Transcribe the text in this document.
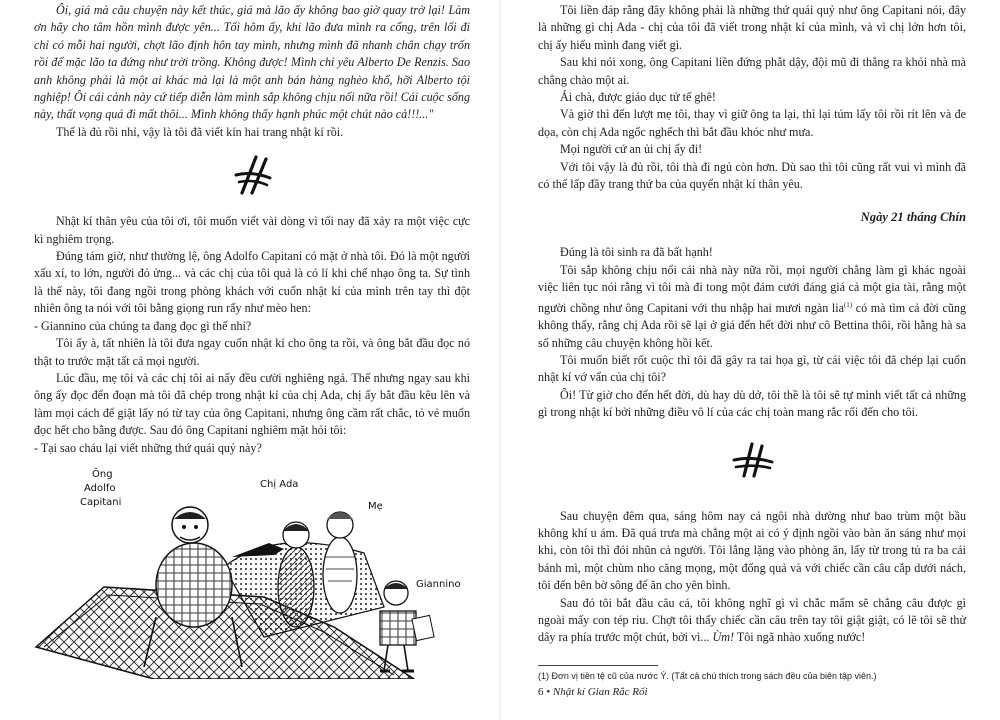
Ôi, giá mà câu chuyện này kết thúc, giá mà lão ấy không bao giờ quay trở lại! Làm ơn hãy cho tâm hồn mình được yên... Tối hôm ấy, khi lão đưa mình ra cổng, trên lối đi chỉ có mỗi hai người, chợt lão định hôn tay mình, nhưng mình đã nhanh chân chạy trốn rồi để mặc lão ta đứng như trời trồng. Không được! Mình chỉ yêu Alberto De Renzis. Sao anh không phải là một ai khác mà lại là một anh bán hàng nghèo khổ, hỡi Alberto tội nghiệp! Ôi cái cảnh này cứ tiếp diễn làm mình sắp không chịu nổi nữa rồi! Cái cuộc sống này, thất vọng quá đi mất thôi... Mình không thấy hạnh phúc một chút nào cả!!!..."

Thế là đủ rồi nhỉ, vậy là tôi đã viết kín hai trang nhật kí rồi.

Nhật kí thân yêu của tôi ơi, tôi muốn viết vài dòng vì tối nay đã xảy ra một việc cực kì nghiêm trọng.

Đúng tám giờ, như thường lệ, ông Adolfo Capitani có mặt ở nhà tôi. Đó là một người xấu xí, to lớn, người đỏ ửng... và các chị của tôi quả là có lí khi chế nhạo ông ta. Sự tình là thế này, tôi đang ngồi trong phòng khách với cuốn nhật kí của mình trên tay thì đột nhiên ông ta nói với tôi bằng giọng run rẩy như mèo hen:

- Giannino của chúng ta đang đọc gì thế nhỉ?

Tôi ấy à, tất nhiên là tôi đưa ngay cuốn nhật kí cho ông ta rồi, và ông bắt đầu đọc nó thật to trước mặt tất cả mọi người.

Lúc đầu, mẹ tôi và các chị tôi ai nấy đều cười nghiêng ngả. Thế nhưng ngay sau khi ông ấy đọc đến đoạn mà tôi đã chép trong nhật kí của chị Ada, chị ấy bắt đầu kêu lên và làm mọi cách để giật lấy nó từ tay của ông Capitani, nhưng ông cầm rất chắc, tỏ vẻ muốn đọc hết cho bằng được. Sau đó ông Capitani nghiêm mặt hỏi tôi:

- Tại sao cháu lại viết những thứ quái quỷ này?

Ông
Adolfo
Capitani
Chị Ada
Mẹ
Giannino

Tôi liền đáp rằng đây không phải là những thứ quái quỷ như ông Capitani nói, đây là những gì chị Ada - chị của tôi đã viết trong nhật kí của mình, và vì chị lớn hơn tôi, chị ấy hiểu mình đang viết gì.

Sau khi nói xong, ông Capitani liền đứng phắt dậy, đội mũ đi thẳng ra khỏi nhà mà chẳng chào một ai.

Ái chà, được giáo dục tử tế ghê!

Và giờ thì đến lượt mẹ tôi, thay vì giữ ông ta lại, thì lại túm lấy tôi rồi rít lên và đe dọa, còn chị Ada ngốc nghếch thì bắt đầu khóc như mưa.

Mọi người cứ an ủi chị ấy đi!

Với tôi vậy là đủ rồi, tôi thà đi ngủ còn hơn. Dù sao thì tôi cũng rất vui vì mình đã có thể lấp đầy trang thứ ba của quyển nhật kí thân yêu.

Ngày 21 tháng Chín

Đúng là tôi sinh ra đã bất hạnh!

Tôi sắp không chịu nổi cái nhà này nữa rồi, mọi người chẳng làm gì khác ngoài việc liên tục nói rằng vì tôi mà đi tong một đám cưới đáng giá cả một gia tài, rằng một người chồng như ông Capitani với thu nhập hai mươi ngàn lia$^{(1)}$ có mà tìm cả đời cũng không thấy, rằng chị Ada rồi sẽ lại ở giá đến hết đời như cô Bettina thôi, rồi hằng hà sa số những câu chuyện không hồi kết.

Tôi muốn biết rốt cuộc thì tôi đã gây ra tai họa gì, từ cái việc tôi đã chép lại cuốn nhật kí vớ vẩn của chị tôi?

Ôi! Từ giờ cho đến hết đời, dù hay dù dở, tôi thề là tôi sẽ tự mình viết tất cả những gì trong nhật kí bởi những điều vô lí của các chị toàn mang rắc rối đến cho tôi.

Sau chuyện đêm qua, sáng hôm nay cả ngôi nhà dường như bao trùm một bầu không khí u ám. Đã quá trưa mà chẳng một ai có ý định ngồi vào bàn ăn sáng như mọi khi, còn tôi thì đói nhũn cả người. Tôi lẳng lặng vào phòng ăn, lấy từ trong tủ ra ba cái bánh mì, một chùm nho căng mọng, một đống quả và với chiếc cần câu cắp dưới nách, tôi đến bên bờ sông để ăn cho yên bình.

Sau đó tôi bắt đầu câu cá, tôi không nghĩ gì vì chắc mẩm sẽ chẳng câu được gì ngoài mấy con tép riu. Chợt tôi thấy chiếc cần câu trên tay tôi giật giật, có lẽ tôi sẽ thử dây ra phía trước một chút, bởi vì... Ùm! Tôi ngã nhào xuống nước!

(1) Đơn vị tiền tệ cũ của nước Ý. (Tất cả chú thích trong sách đều của biên tập viên.)

6 • Nhật kí Gian Rắc Rối
